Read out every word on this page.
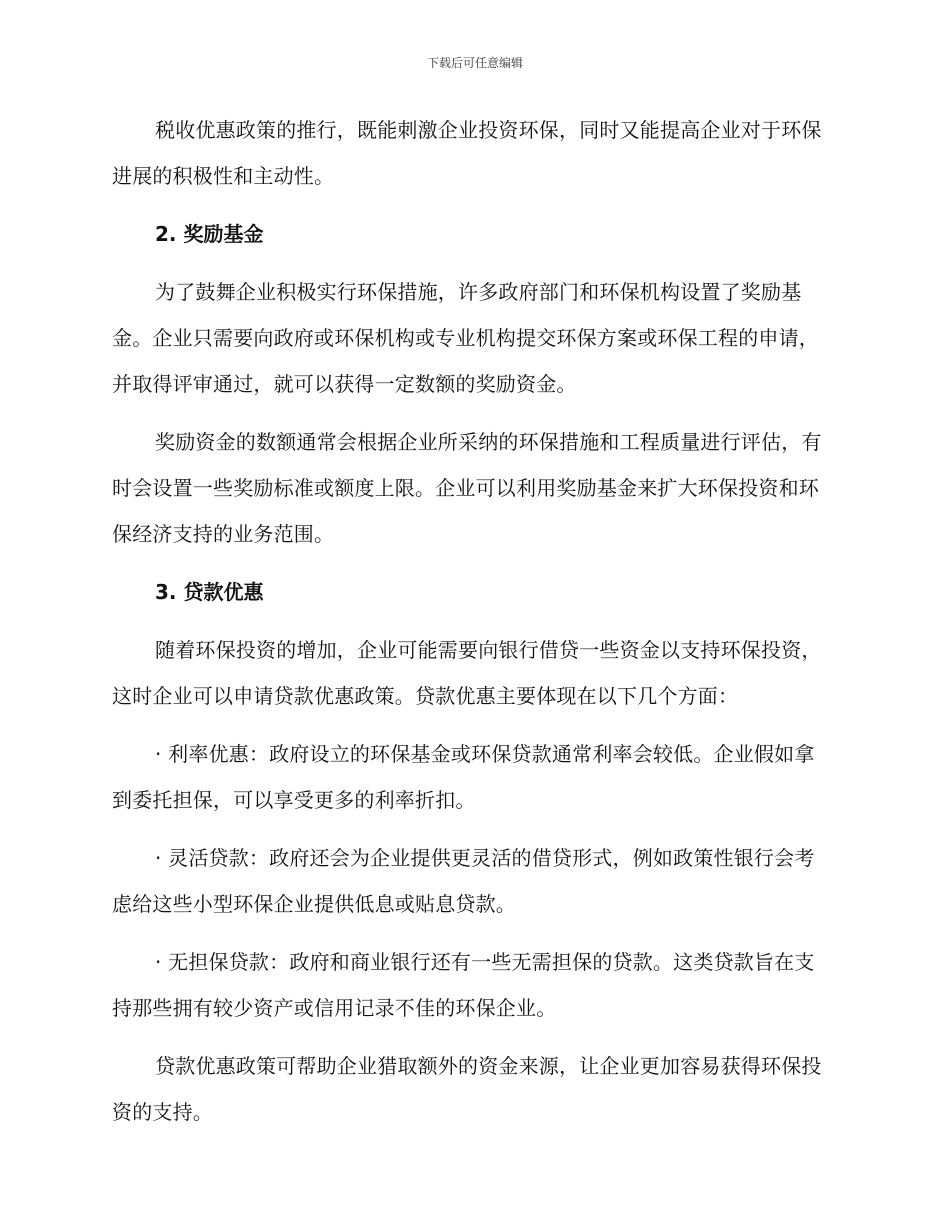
下载后可任意编辑

税收优惠政策的推行，既能刺激企业投资环保，同时又能提高企业对于环保进展的积极性和主动性。

2. 奖励基金

为了鼓舞企业积极实行环保措施，许多政府部门和环保机构设置了奖励基金。企业只需要向政府或环保机构或专业机构提交环保方案或环保工程的申请，并取得评审通过，就可以获得一定数额的奖励资金。

奖励资金的数额通常会根据企业所采纳的环保措施和工程质量进行评估，有时会设置一些奖励标准或额度上限。企业可以利用奖励基金来扩大环保投资和环保经济支持的业务范围。

3. 贷款优惠

随着环保投资的增加，企业可能需要向银行借贷一些资金以支持环保投资，这时企业可以申请贷款优惠政策。贷款优惠主要体现在以下几个方面：

· 利率优惠：政府设立的环保基金或环保贷款通常利率会较低。企业假如拿到委托担保，可以享受更多的利率折扣。

· 灵活贷款：政府还会为企业提供更灵活的借贷形式，例如政策性银行会考虑给这些小型环保企业提供低息或贴息贷款。

· 无担保贷款：政府和商业银行还有一些无需担保的贷款。这类贷款旨在支持那些拥有较少资产或信用记录不佳的环保企业。

贷款优惠政策可帮助企业猎取额外的资金来源，让企业更加容易获得环保投资的支持。
